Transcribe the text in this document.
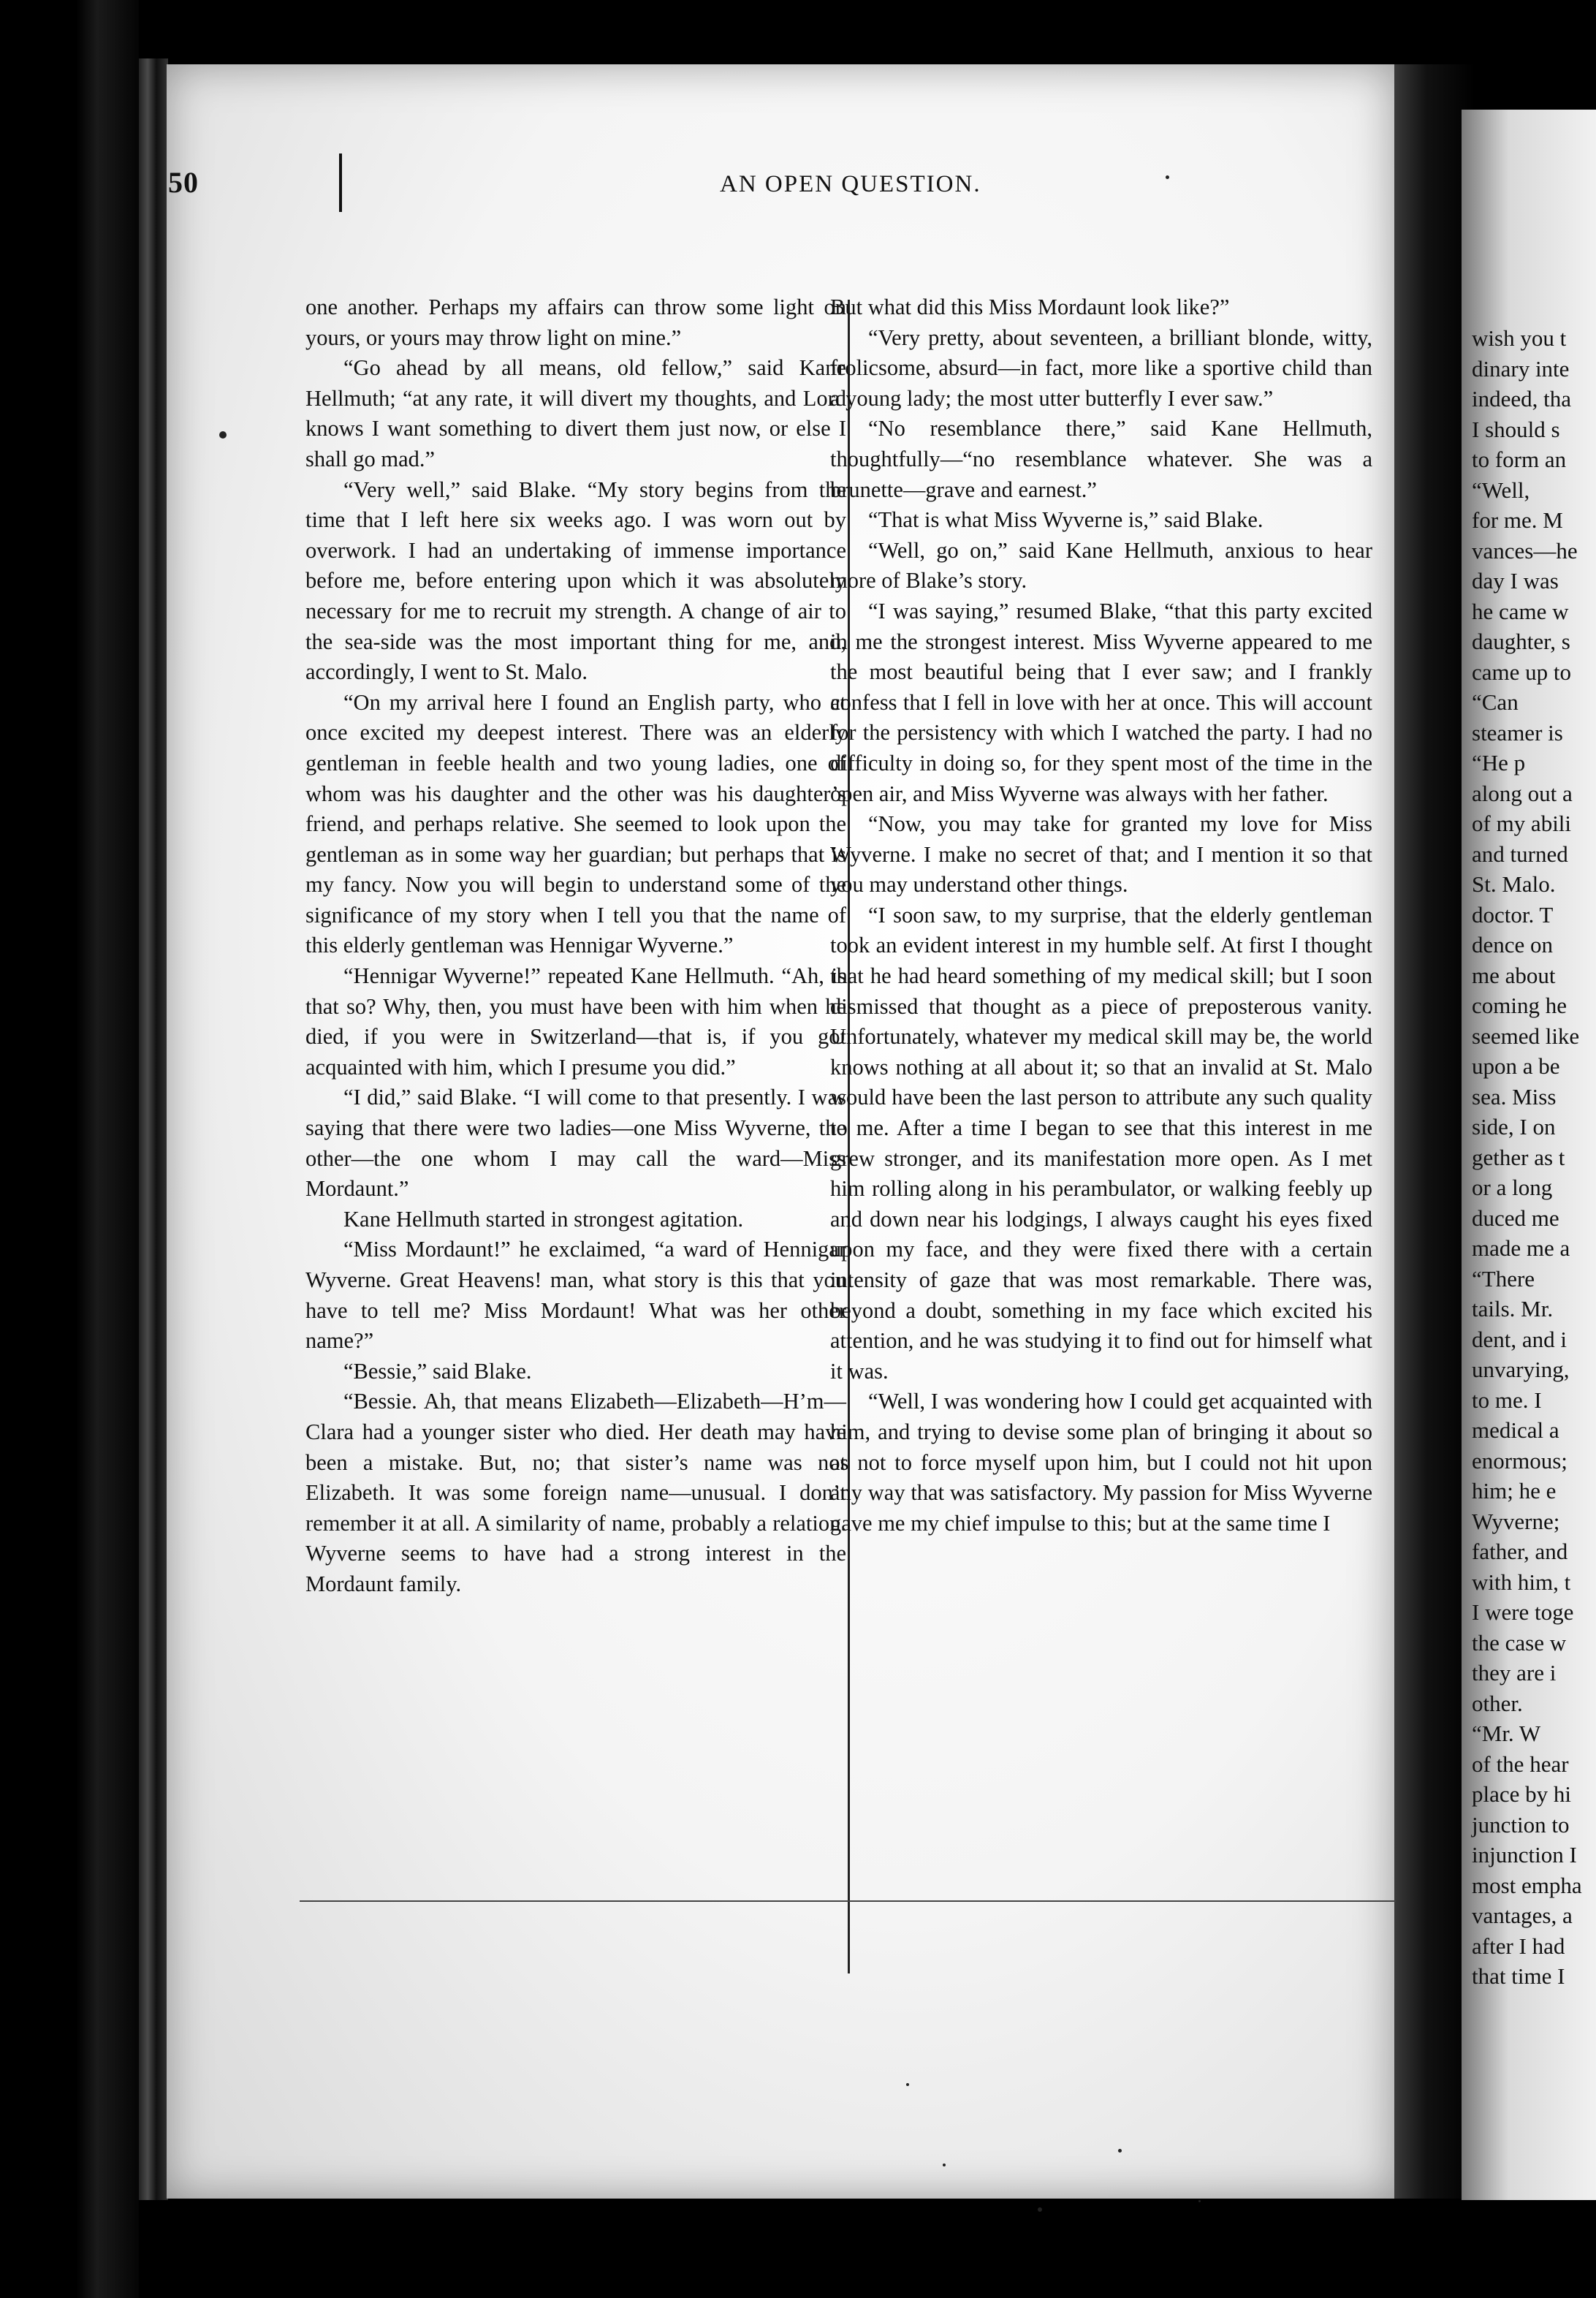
wish you t
dinary inte
indeed, tha
I should s
to form an
“Well,
for me. M
vances—he
day I was
he came w
daughter, s
came up to
“Can
steamer is
“He p
along out a
of my abili
and turned
St. Malo.
doctor. T
dence on
me about
coming he
seemed like
upon a be
sea. Miss
side, I on
gether as t
or a long
duced me
made me a
“There
tails. Mr.
dent, and i
unvarying,
to me. I
medical a
enormous;
him; he e
Wyverne;
father, and
with him, t
I were toge
the case w
they are i
other.
“Mr. W
of the hear
place by hi
junction to
injunction I
most empha
vantages, a
after I had
that time I
50	AN OPEN QUESTION.

one another. Perhaps my affairs can throw some light on yours, or yours may throw light on mine.”

“Go ahead by all means, old fellow,” said Kane Hellmuth; “at any rate, it will divert my thoughts, and Lord knows I want something to divert them just now, or else I shall go mad.”

“Very well,” said Blake. “My story begins from the time that I left here six weeks ago. I was worn out by overwork. I had an undertaking of immense importance before me, before entering upon which it was absolutely necessary for me to recruit my strength. A change of air to the sea-side was the most important thing for me, and, accordingly, I went to St. Malo.

“On my arrival here I found an English party, who at once excited my deepest interest. There was an elderly gentleman in feeble health and two young ladies, one of whom was his daughter and the other was his daughter’s friend, and perhaps relative. She seemed to look upon the gentleman as in some way her guardian; but perhaps that is my fancy. Now you will begin to understand some of the significance of my story when I tell you that the name of this elderly gentleman was Hennigar Wyverne.”

“Hennigar Wyverne!” repeated Kane Hellmuth. “Ah, is that so? Why, then, you must have been with him when he died, if you were in Switzerland—that is, if you got acquainted with him, which I presume you did.”

“I did,” said Blake. “I will come to that presently. I was saying that there were two ladies—one Miss Wyverne, the other—the one whom I may call the ward—Miss Mordaunt.”

Kane Hellmuth started in strongest agitation.

“Miss Mordaunt!” he exclaimed, “a ward of Hennigar Wyverne. Great Heavens! man, what story is this that you have to tell me? Miss Mordaunt! What was her other name?”

“Bessie,” said Blake.

“Bessie. Ah, that means Elizabeth—Elizabeth—H’m—Clara had a younger sister who died. Her death may have been a mistake. But, no; that sister’s name was not Elizabeth. It was some foreign name—unusual. I don’t remember it at all. A similarity of name, probably a relation. Wyverne seems to have had a strong interest in the Mordaunt family.

But what did this Miss Mordaunt look like?”

“Very pretty, about seventeen, a brilliant blonde, witty, frolicsome, absurd—in fact, more like a sportive child than a young lady; the most utter butterfly I ever saw.”

“No resemblance there,” said Kane Hellmuth, thoughtfully—“no resemblance whatever. She was a brunette—grave and earnest.”

“That is what Miss Wyverne is,” said Blake.

“Well, go on,” said Kane Hellmuth, anxious to hear more of Blake’s story.

“I was saying,” resumed Blake, “that this party excited in me the strongest interest. Miss Wyverne appeared to me the most beautiful being that I ever saw; and I frankly confess that I fell in love with her at once. This will account for the persistency with which I watched the party. I had no difficulty in doing so, for they spent most of the time in the open air, and Miss Wyverne was always with her father.

“Now, you may take for granted my love for Miss Wyverne. I make no secret of that; and I mention it so that you may understand other things.

“I soon saw, to my surprise, that the elderly gentleman took an evident interest in my humble self. At first I thought that he had heard something of my medical skill; but I soon dismissed that thought as a piece of preposterous vanity. Unfortunately, whatever my medical skill may be, the world knows nothing at all about it; so that an invalid at St. Malo would have been the last person to attribute any such quality to me. After a time I began to see that this interest in me grew stronger, and its manifestation more open. As I met him rolling along in his perambulator, or walking feebly up and down near his lodgings, I always caught his eyes fixed upon my face, and they were fixed there with a certain intensity of gaze that was most remarkable. There was, beyond a doubt, something in my face which excited his attention, and he was studying it to find out for himself what it was.

“Well, I was wondering how I could get acquainted with him, and trying to devise some plan of bringing it about so as not to force myself upon him, but I could not hit upon any way that was satisfactory. My passion for Miss Wyverne gave me my chief impulse to this; but at the same time I
